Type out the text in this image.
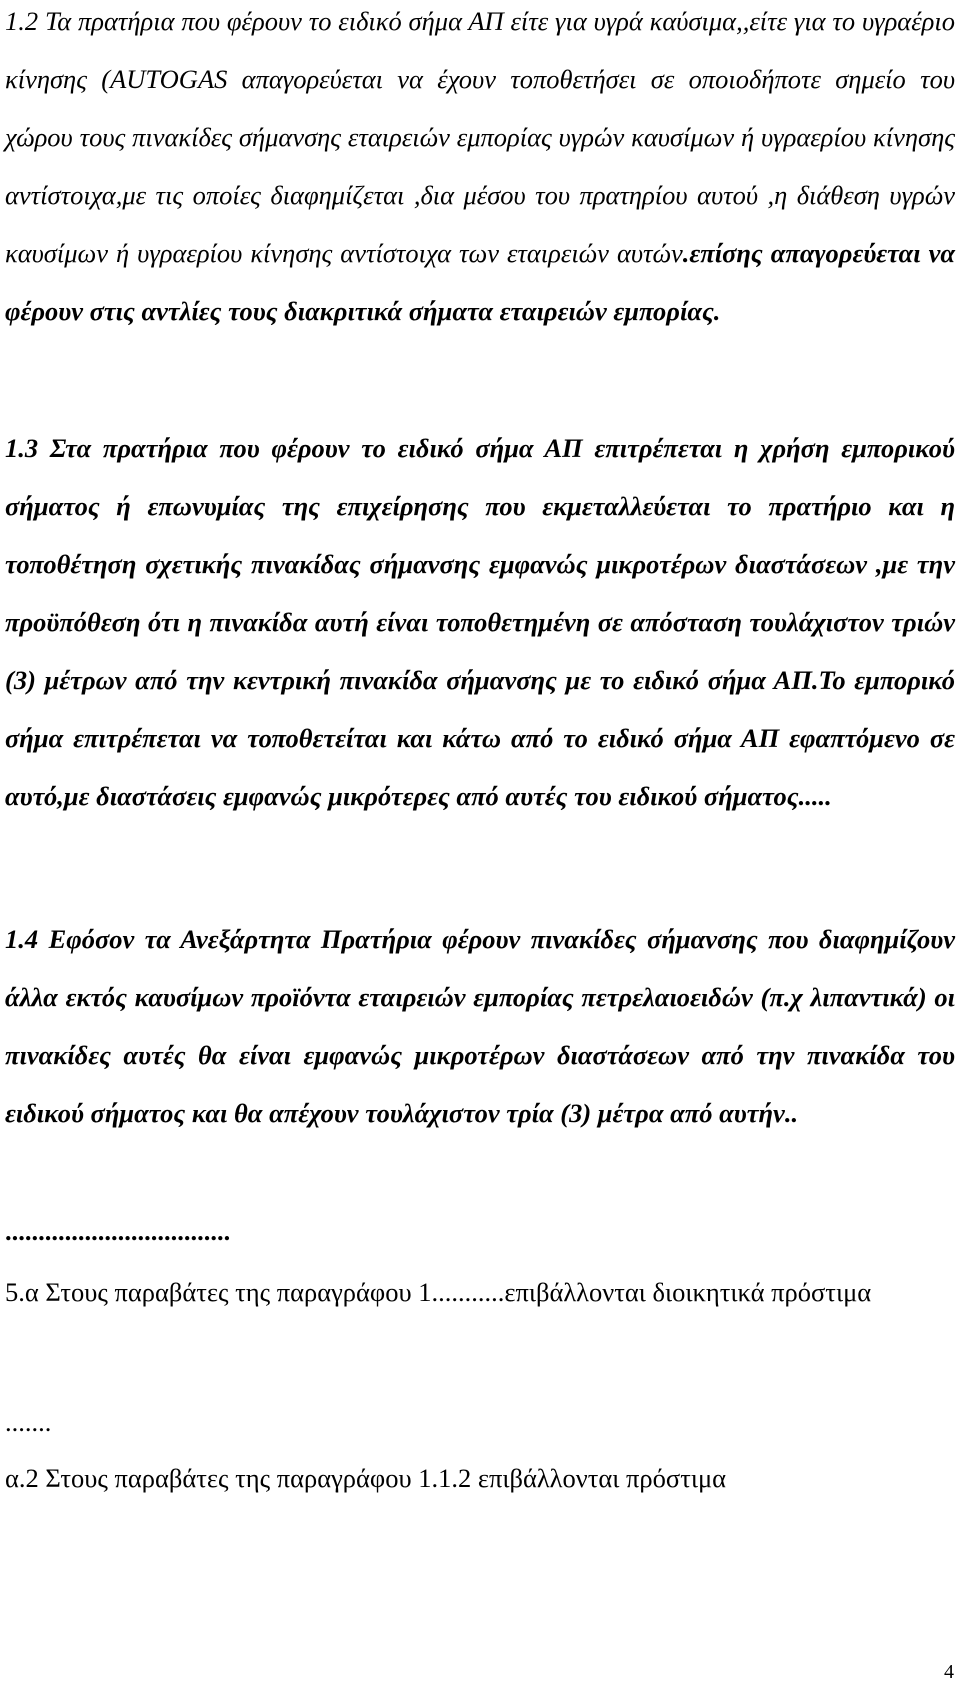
1.2 Τα πρατήρια που φέρουν το ειδικό σήμα ΑΠ είτε για υγρά καύσιμα,,είτε για το υγραέριο κίνησης (AUTOGAS απαγορεύεται να έχουν τοποθετήσει σε οποιοδήποτε σημείο του χώρου τους πινακίδες σήμανσης εταιρειών εμπορίας υγρών καυσίμων ή υγραερίου κίνησης αντίστοιχα,με τις οποίες διαφημίζεται ,δια μέσου του πρατηρίου αυτού ,η διάθεση υγρών καυσίμων ή υγραερίου κίνησης αντίστοιχα των εταιρειών αυτών.επίσης απαγορεύεται να φέρουν στις αντλίες τους διακριτικά σήματα εταιρειών εμπορίας.

1.3 Στα πρατήρια που φέρουν το ειδικό σήμα ΑΠ επιτρέπεται η χρήση εμπορικού σήματος ή επωνυμίας της επιχείρησης που εκμεταλλεύεται το πρατήριο και η τοποθέτηση σχετικής πινακίδας σήμανσης εμφανώς μικροτέρων διαστάσεων ,με την προϋπόθεση ότι η πινακίδα αυτή είναι τοποθετημένη σε απόσταση τουλάχιστον τριών (3) μέτρων από την κεντρική πινακίδα σήμανσης με το ειδικό σήμα ΑΠ.Το εμπορικό σήμα επιτρέπεται να τοποθετείται και κάτω από το ειδικό σήμα ΑΠ εφαπτόμενο σε αυτό,με διαστάσεις εμφανώς μικρότερες από αυτές του ειδικού σήματος.....

1.4 Εφόσον τα Ανεξάρτητα Πρατήρια φέρουν πινακίδες σήμανσης που διαφημίζουν άλλα εκτός καυσίμων προϊόντα εταιρειών εμπορίας πετρελαιοειδών (π.χ λιπαντικά) οι πινακίδες αυτές θα είναι εμφανώς μικροτέρων διαστάσεων από την πινακίδα του ειδικού σήματος και θα απέχουν τουλάχιστον τρία (3) μέτρα από αυτήν..

..................................

5.α Στους παραβάτες της παραγράφου 1...........επιβάλλονται διοικητικά πρόστιμα

.......

α.2 Στους παραβάτες της παραγράφου 1.1.2 επιβάλλονται πρόστιμα

4
